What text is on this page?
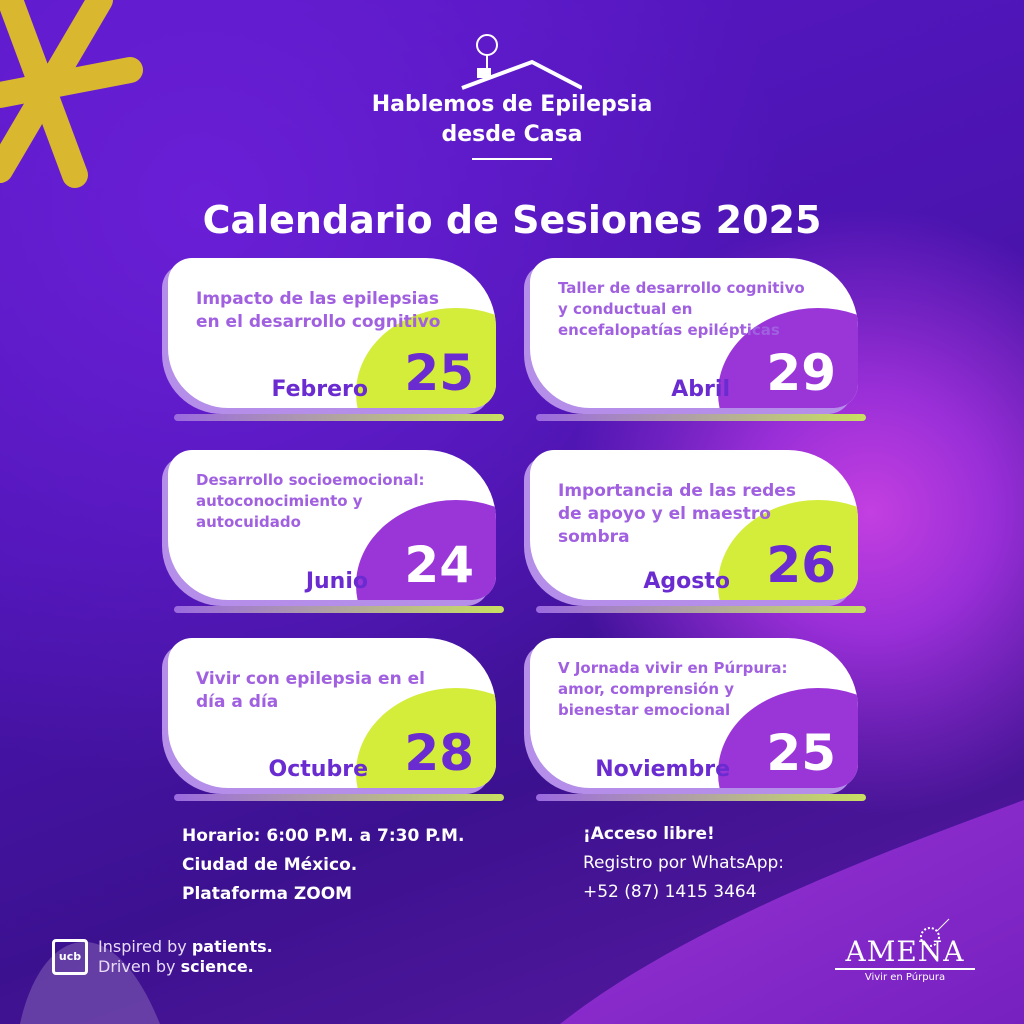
Hablemos de Epilepsia
desde Casa
Calendario de Sesiones 2025
Impacto de las epilepsias en el desarrollo cognitivo
Febrero 25
Taller de desarrollo cognitivo y conductual en encefalopatías epilépticas
Abril 29
Desarrollo socioemocional: autoconocimiento y autocuidado
Junio 24
Importancia de las redes de apoyo y el maestro sombra
Agosto 26
Vivir con epilepsia en el día a día
Octubre 28
V Jornada vivir en Púrpura: amor, comprensión y bienestar emocional
Noviembre 25
Horario: 6:00 P.M. a 7:30 P.M.
Ciudad de México.
Plataforma ZOOM
¡Acceso libre!
Registro por WhatsApp:
+52 (87) 1415 3464
ucb
Inspired by patients.
Driven by science.	AMENA
Vivir en Púrpura
